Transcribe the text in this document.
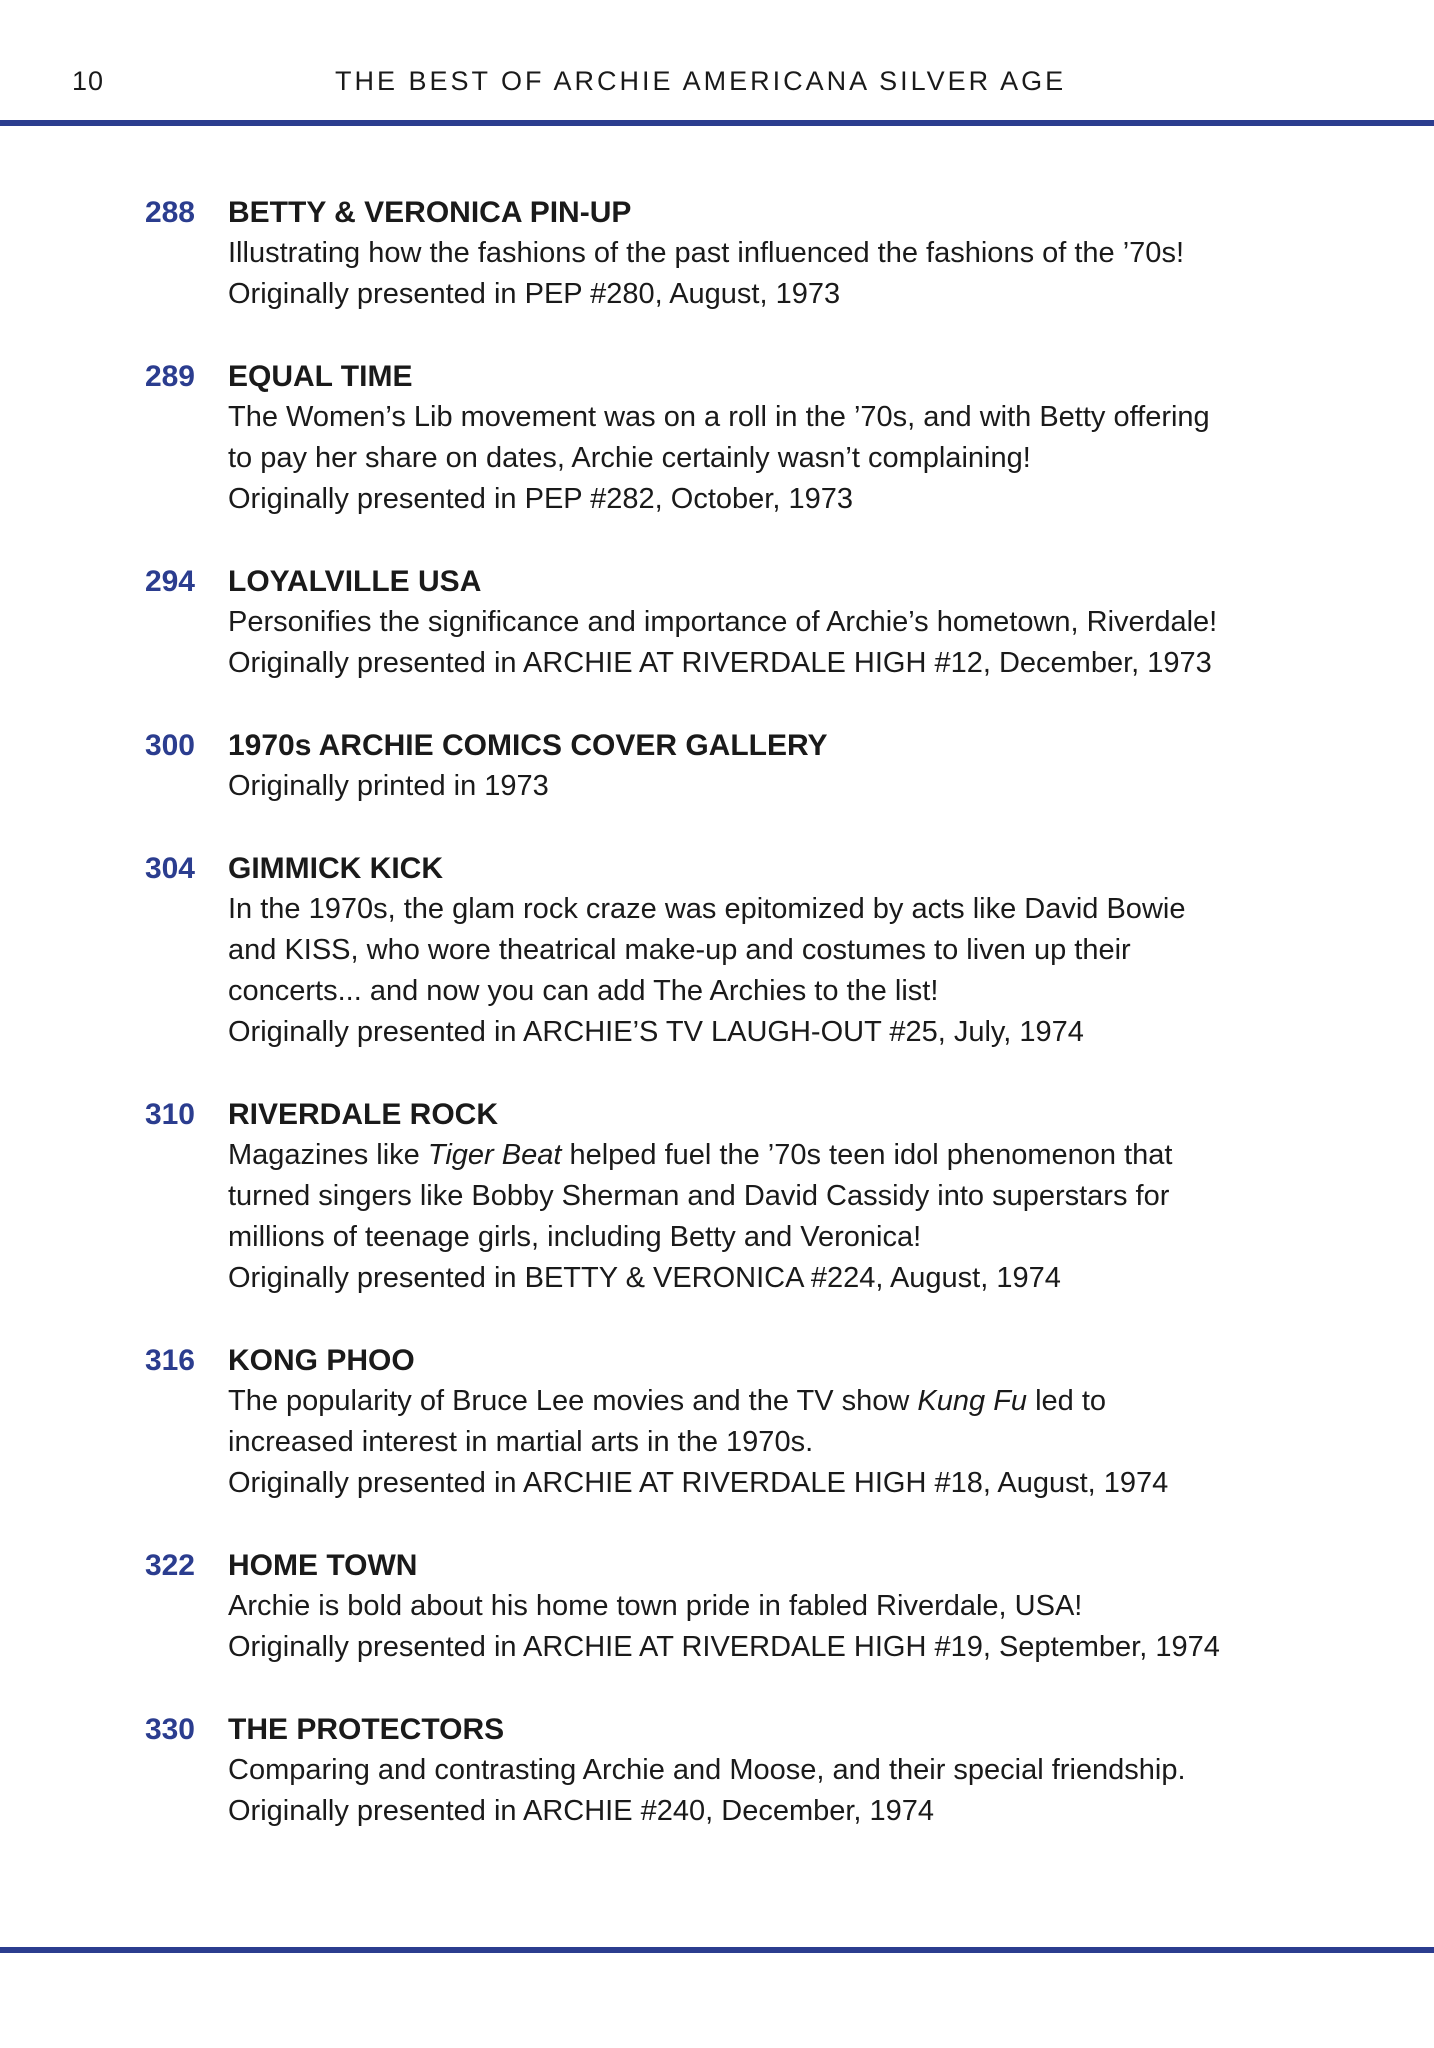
10	THE BEST OF ARCHIE AMERICANA SILVER AGE
288 BETTY & VERONICA PIN-UP
Illustrating how the fashions of the past influenced the fashions of the ’70s!
Originally presented in PEP #280, August, 1973
289 EQUAL TIME
The Women’s Lib movement was on a roll in the ’70s, and with Betty offering
to pay her share on dates, Archie certainly wasn’t complaining!
Originally presented in PEP #282, October, 1973
294 LOYALVILLE USA
Personifies the significance and importance of Archie’s hometown, Riverdale!
Originally presented in ARCHIE AT RIVERDALE HIGH #12, December, 1973
300 1970s ARCHIE COMICS COVER GALLERY
Originally printed in 1973
304 GIMMICK KICK
In the 1970s, the glam rock craze was epitomized by acts like David Bowie
and KISS, who wore theatrical make-up and costumes to liven up their
concerts... and now you can add The Archies to the list!
Originally presented in ARCHIE’S TV LAUGH-OUT #25, July, 1974
310 RIVERDALE ROCK
Magazines like Tiger Beat helped fuel the ’70s teen idol phenomenon that
turned singers like Bobby Sherman and David Cassidy into superstars for
millions of teenage girls, including Betty and Veronica!
Originally presented in BETTY & VERONICA #224, August, 1974
316 KONG PHOO
The popularity of Bruce Lee movies and the TV show Kung Fu led to
increased interest in martial arts in the 1970s.
Originally presented in ARCHIE AT RIVERDALE HIGH #18, August, 1974
322 HOME TOWN
Archie is bold about his home town pride in fabled Riverdale, USA!
Originally presented in ARCHIE AT RIVERDALE HIGH #19, September, 1974
330 THE PROTECTORS
Comparing and contrasting Archie and Moose, and their special friendship.
Originally presented in ARCHIE #240, December, 1974
